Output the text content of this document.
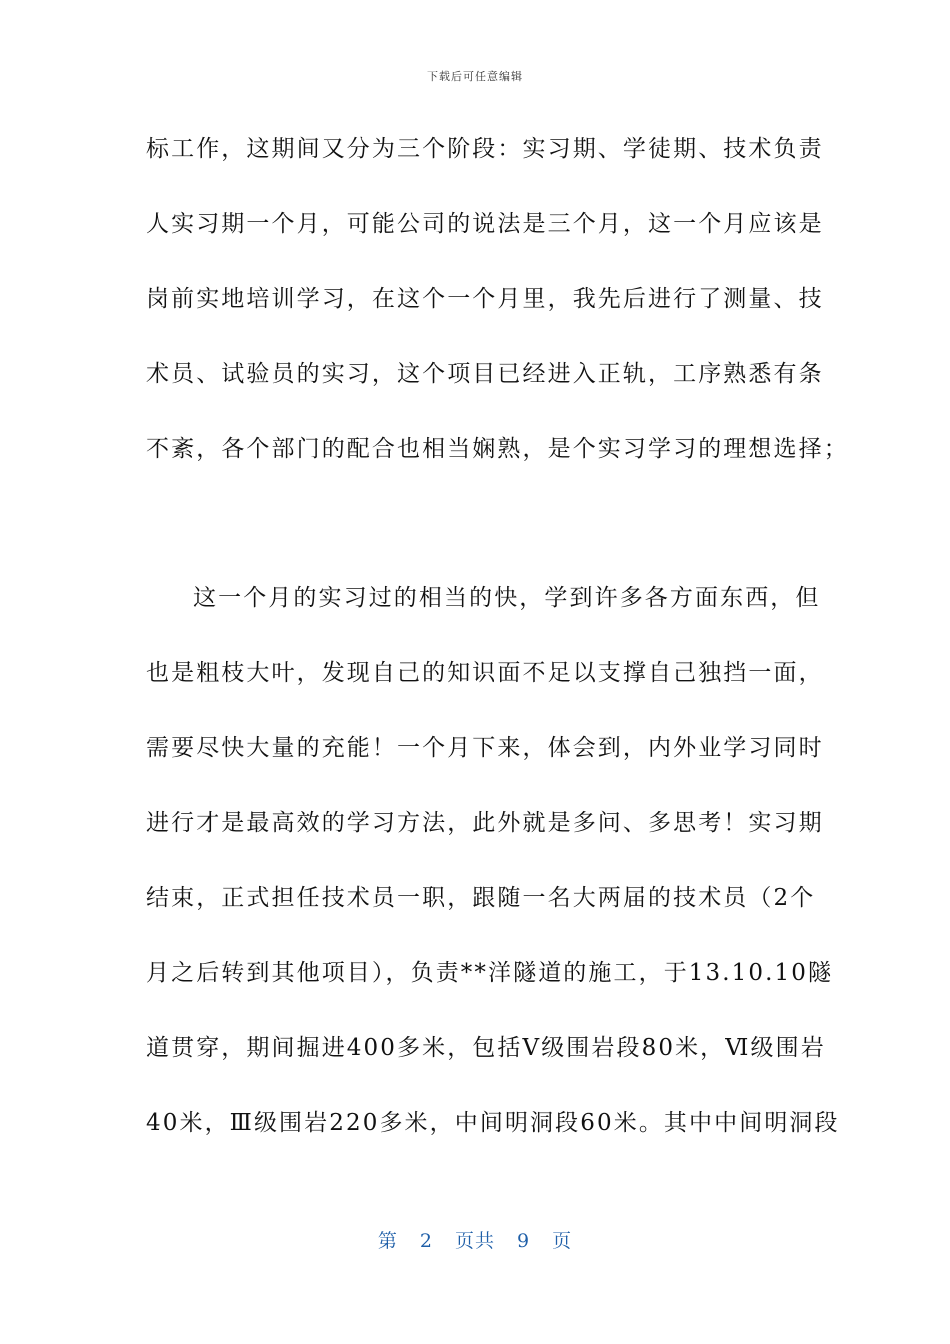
下载后可任意编辑
标工作，这期间又分为三个阶段：实习期、学徒期、技术负责
人实习期一个月，可能公司的说法是三个月，这一个月应该是
岗前实地培训学习，在这个一个月里，我先后进行了测量、技
术员、试验员的实习，这个项目已经进入正轨，工序熟悉有条
不紊，各个部门的配合也相当娴熟，是个实习学习的理想选择；
这一个月的实习过的相当的快，学到许多各方面东西，但
也是粗枝大叶，发现自己的知识面不足以支撑自己独挡一面，
需要尽快大量的充能！一个月下来，体会到，内外业学习同时
进行才是最高效的学习方法，此外就是多问、多思考！实习期
结束，正式担任技术员一职，跟随一名大两届的技术员（2个
月之后转到其他项目），负责**洋隧道的施工，于13.10.10隧
道贯穿，期间掘进400多米，包括Ⅴ级围岩段80米，Ⅵ级围岩
40米，Ⅲ级围岩220多米，中间明洞段60米。其中中间明洞段
第 2 页共 9 页
